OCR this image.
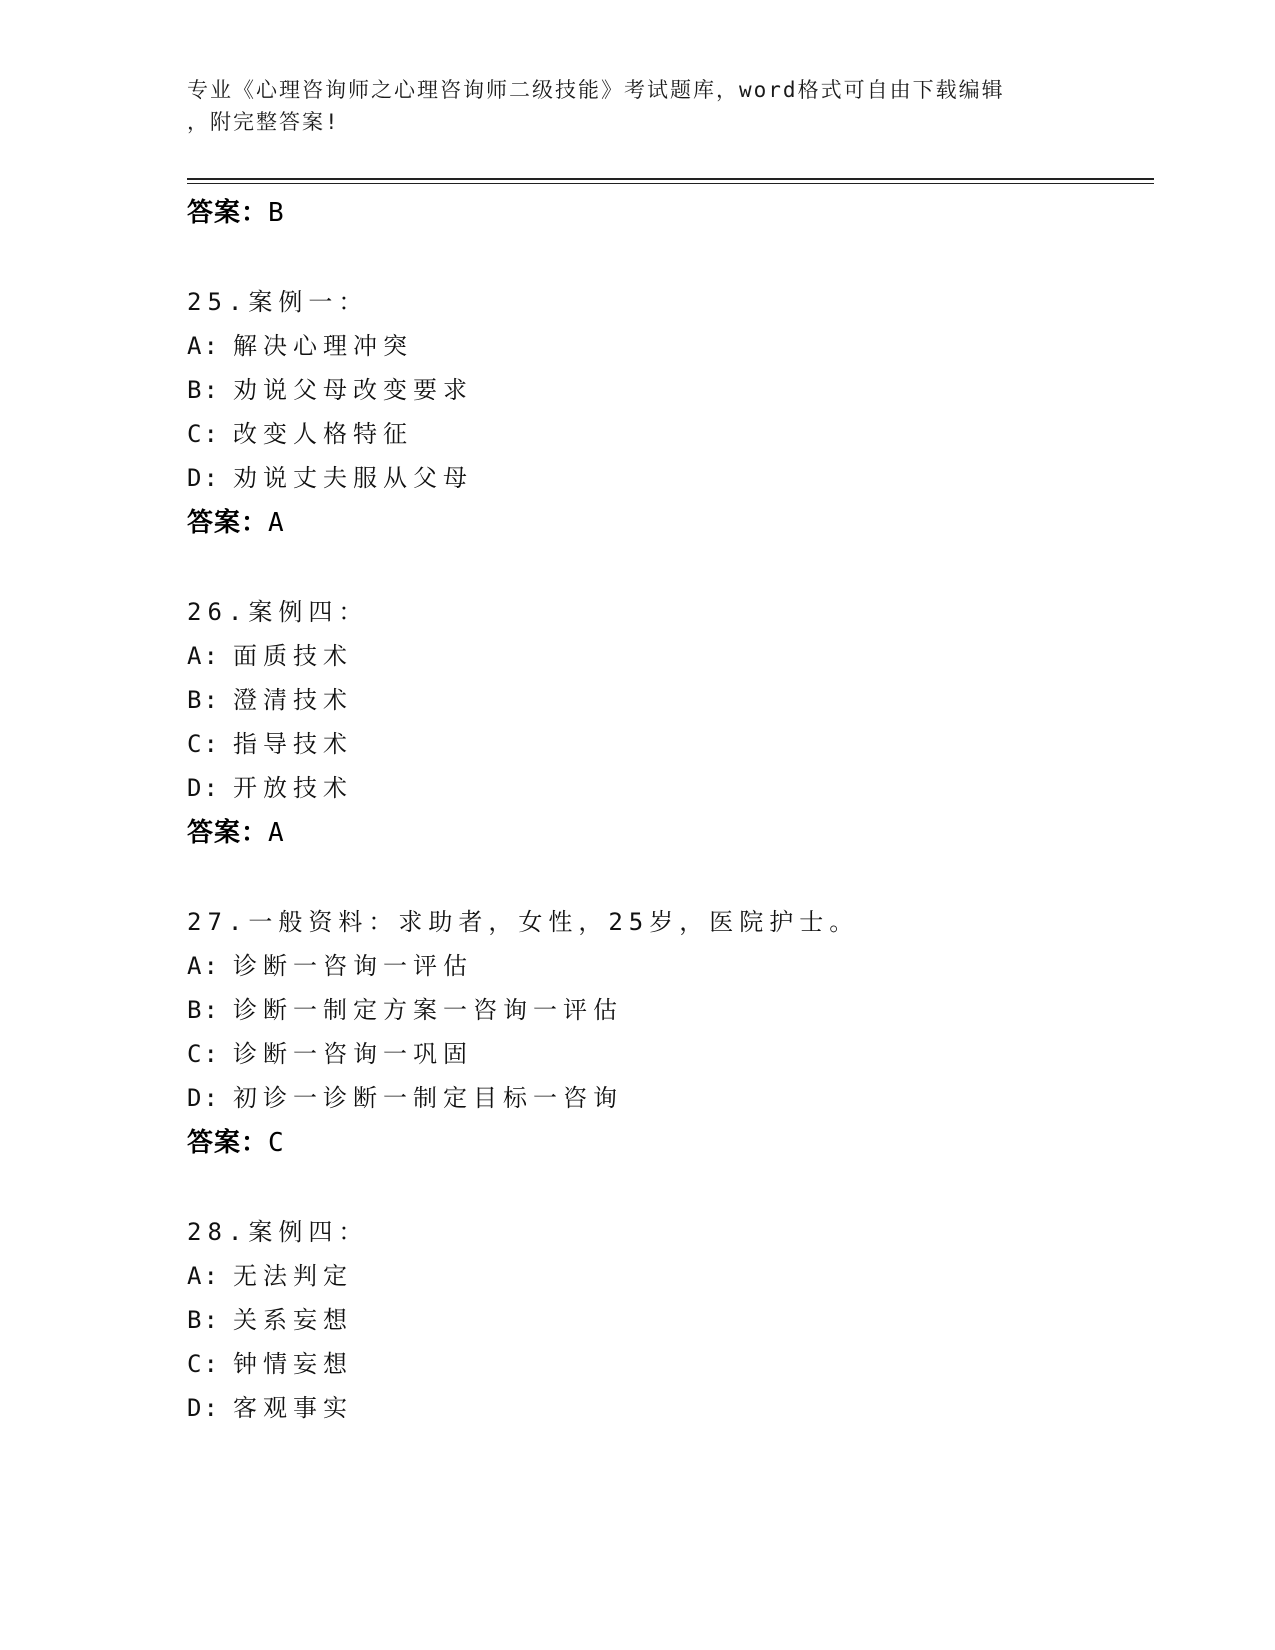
专业《心理咨询师之心理咨询师二级技能》考试题库，word格式可自由下载编辑
，附完整答案!
答案：B
25.案例一：
A: 解决心理冲突
B: 劝说父母改变要求
C: 改变人格特征
D: 劝说丈夫服从父母
答案：A
26.案例四：
A: 面质技术
B: 澄清技术
C: 指导技术
D: 开放技术
答案：A
27.一般资料：求助者，女性，25岁，医院护士。
A: 诊断一咨询一评估
B: 诊断一制定方案一咨询一评估
C: 诊断一咨询一巩固
D: 初诊一诊断一制定目标一咨询
答案：C
28.案例四：
A: 无法判定
B: 关系妄想
C: 钟情妄想
D: 客观事实
